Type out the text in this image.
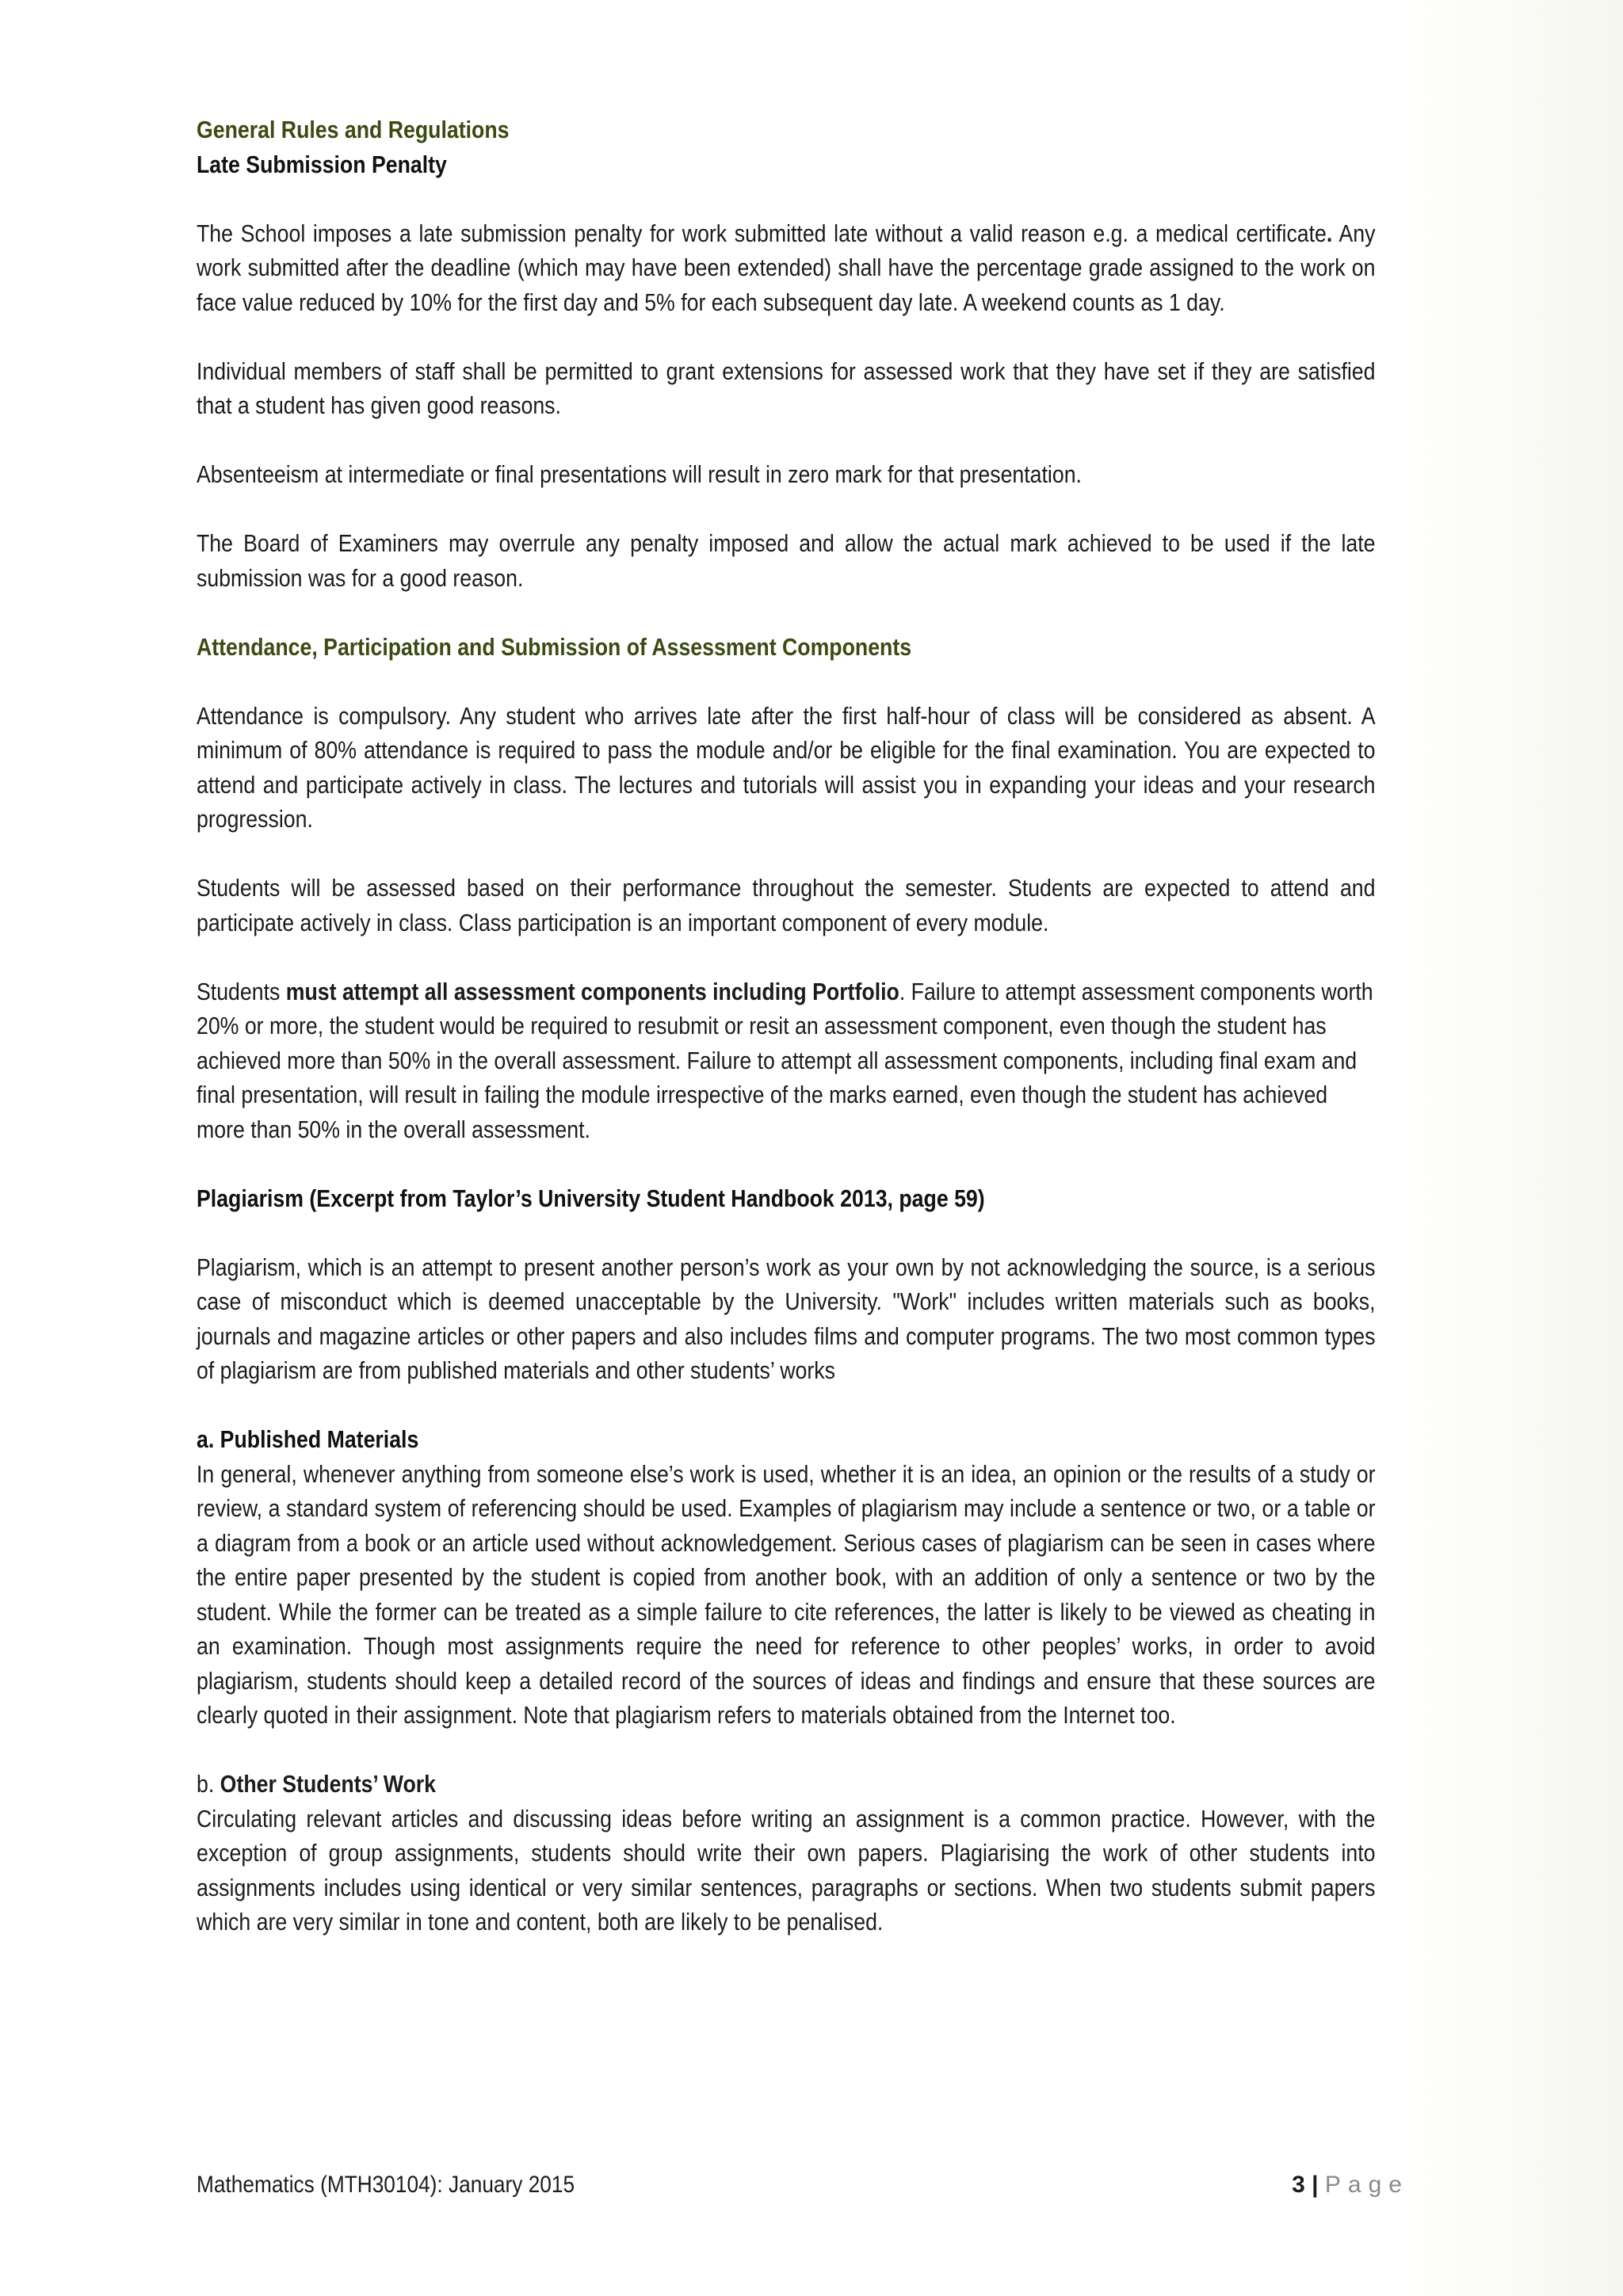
General Rules and Regulations

Late Submission Penalty

The School imposes a late submission penalty for work submitted late without a valid reason e.g. a medical certificate. Any work submitted after the deadline (which may have been extended) shall have the percentage grade assigned to the work on face value reduced by 10% for the first day and 5% for each subsequent day late. A weekend counts as 1 day.

Individual members of staff shall be permitted to grant extensions for assessed work that they have set if they are satisfied that a student has given good reasons.

Absenteeism at intermediate or final presentations will result in zero mark for that presentation.

The Board of Examiners may overrule any penalty imposed and allow the actual mark achieved to be used if the late submission was for a good reason.

Attendance, Participation and Submission of Assessment Components

Attendance is compulsory. Any student who arrives late after the first half-hour of class will be considered as absent. A minimum of 80% attendance is required to pass the module and/or be eligible for the final examination. You are expected to attend and participate actively in class. The lectures and tutorials will assist you in expanding your ideas and your research progression.

Students will be assessed based on their performance throughout the semester. Students are expected to attend and participate actively in class. Class participation is an important component of every module.

Students must attempt all assessment components including Portfolio. Failure to attempt assessment components worth 20% or more, the student would be required to resubmit or resit an assessment component, even though the student has achieved more than 50% in the overall assessment. Failure to attempt all assessment components, including final exam and final presentation, will result in failing the module irrespective of the marks earned, even though the student has achieved more than 50% in the overall assessment.

Plagiarism (Excerpt from Taylor’s University Student Handbook 2013, page 59)

Plagiarism, which is an attempt to present another person’s work as your own by not acknowledging the source, is a serious case of misconduct which is deemed unacceptable by the University. "Work" includes written materials such as books, journals and magazine articles or other papers and also includes films and computer programs. The two most common types of plagiarism are from published materials and other students’ works

a. Published Materials

In general, whenever anything from someone else’s work is used, whether it is an idea, an opinion or the results of a study or review, a standard system of referencing should be used. Examples of plagiarism may include a sentence or two, or a table or a diagram from a book or an article used without acknowledgement. Serious cases of plagiarism can be seen in cases where the entire paper presented by the student is copied from another book, with an addition of only a sentence or two by the student. While the former can be treated as a simple failure to cite references, the latter is likely to be viewed as cheating in an examination. Though most assignments require the need for reference to other peoples’ works, in order to avoid plagiarism, students should keep a detailed record of the sources of ideas and findings and ensure that these sources are clearly quoted in their assignment. Note that plagiarism refers to materials obtained from the Internet too.

b. Other Students’ Work

Circulating relevant articles and discussing ideas before writing an assignment is a common practice. However, with the exception of group assignments, students should write their own papers. Plagiarising the work of other students into assignments includes using identical or very similar sentences, paragraphs or sections. When two students submit papers which are very similar in tone and content, both are likely to be penalised.

Mathematics (MTH30104): January 2015	3 | Page
